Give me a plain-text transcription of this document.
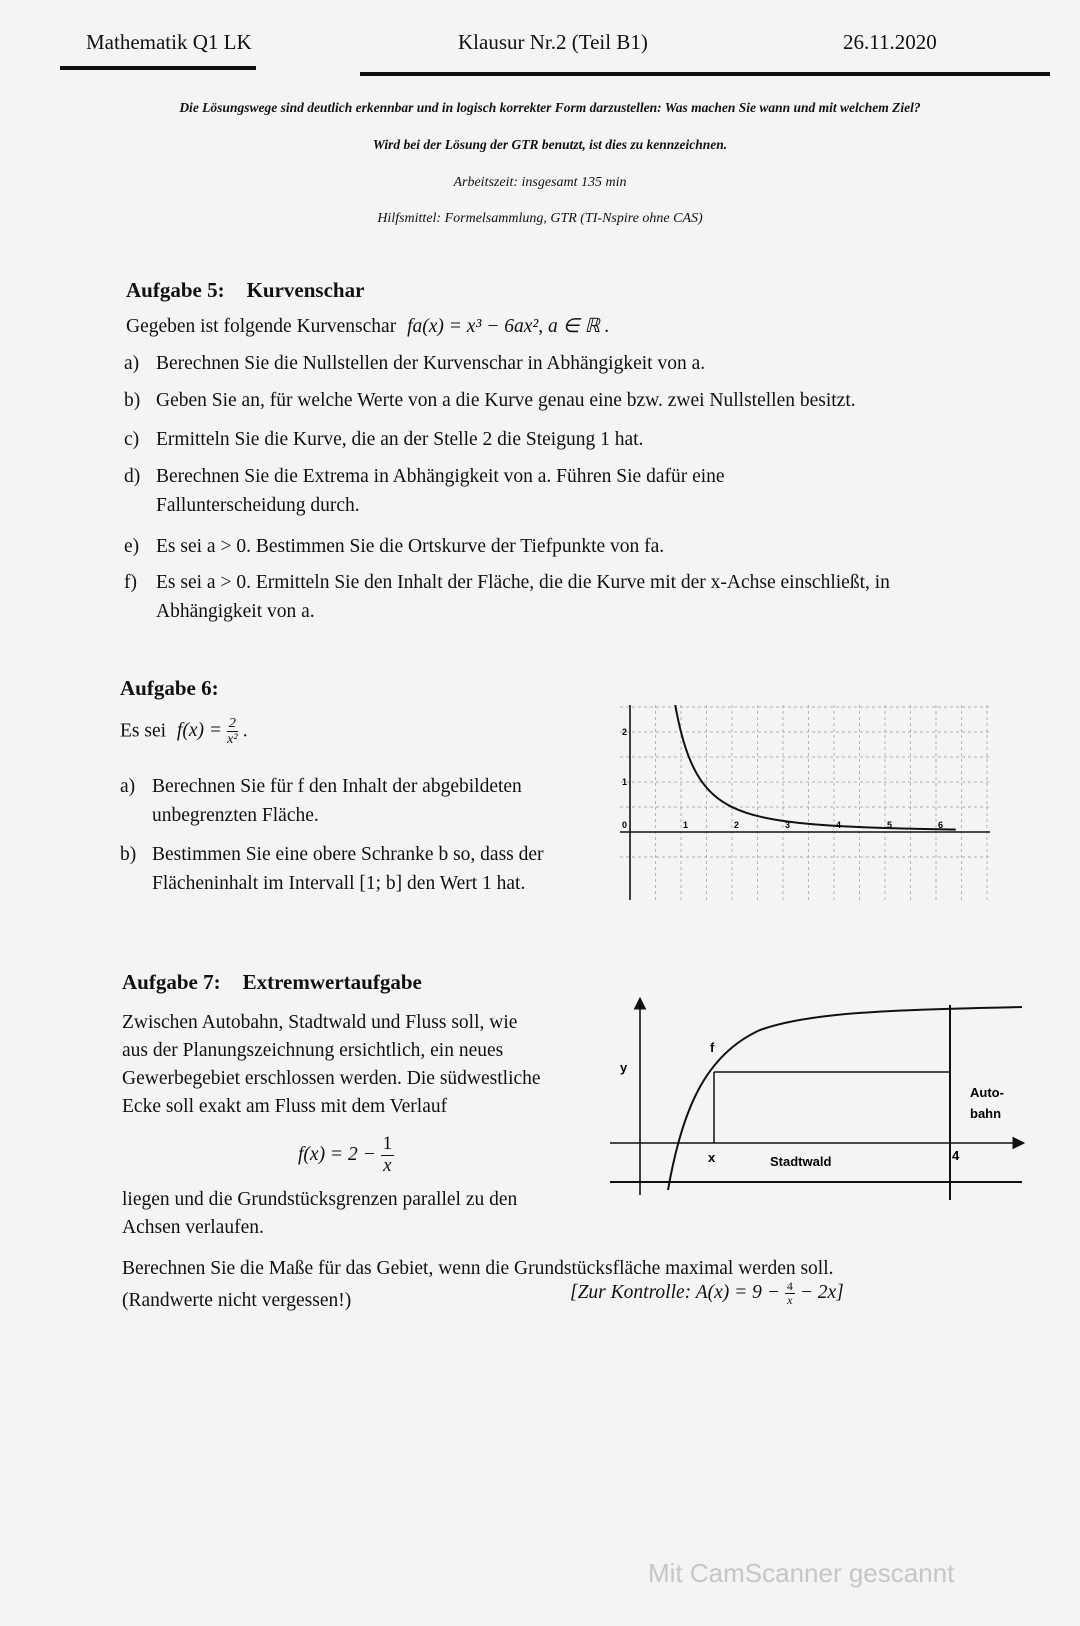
Mathematik Q1 LK	Klausur Nr.2 (Teil B1)	26.11.2020
Die Lösungswege sind deutlich erkennbar und in logisch korrekter Form darzustellen: Was machen Sie wann und mit welchem Ziel?
Wird bei der Lösung der GTR benutzt, ist dies zu kennzeichnen.
Arbeitszeit: insgesamt 135 min
Hilfsmittel: Formelsammlung, GTR (TI-Nspire ohne CAS)
Aufgabe 5: Kurvenschar
Gegeben ist folgende Kurvenschar fa(x) = x³ − 6ax², a ∈ ℝ .
a) Berechnen Sie die Nullstellen der Kurvenschar in Abhängigkeit von a.
b) Geben Sie an, für welche Werte von a die Kurve genau eine bzw. zwei Nullstellen besitzt.
c) Ermitteln Sie die Kurve, die an der Stelle 2 die Steigung 1 hat.
d) Berechnen Sie die Extrema in Abhängigkeit von a. Führen Sie dafür eine Fallunterscheidung durch.
e) Es sei a > 0. Bestimmen Sie die Ortskurve der Tiefpunkte von fa.
f) Es sei a > 0. Ermitteln Sie den Inhalt der Fläche, die die Kurve mit der x-Achse einschließt, in Abhängigkeit von a.
Aufgabe 6:
Es sei $f(x) = \frac{2}{\text{x²}}$ .
a) Berechnen Sie für f den Inhalt der abgebildeten unbegrenzten Fläche.
b) Bestimmen Sie eine obere Schranke b so, dass der Flächeninhalt im Intervall [1; b] den Wert 1 hat.
0	1	2	3	4	5	6
1
2
Aufgabe 7: Extremwertaufgabe
Zwischen Autobahn, Stadtwald und Fluss soll, wie
aus der Planungszeichnung ersichtlich, ein neues
Gewerbegebiet erschlossen werden. Die südwestliche
Ecke soll exakt am Fluss mit dem Verlauf
$f(x) = 2 - \frac{1}{x}$
liegen und die Grundstücksgrenzen parallel zu den
Achsen verlaufen.
Berechnen Sie die Maße für das Gebiet, wenn die Grundstücksfläche maximal werden soll.
(Randwerte nicht vergessen!)	[Zur Kontrolle: $A(x) = 9 - \frac{4}{x} - 2x$]
f
y
x	Stadtwald
Auto-
bahn
4
Mit CamScanner gescannt
